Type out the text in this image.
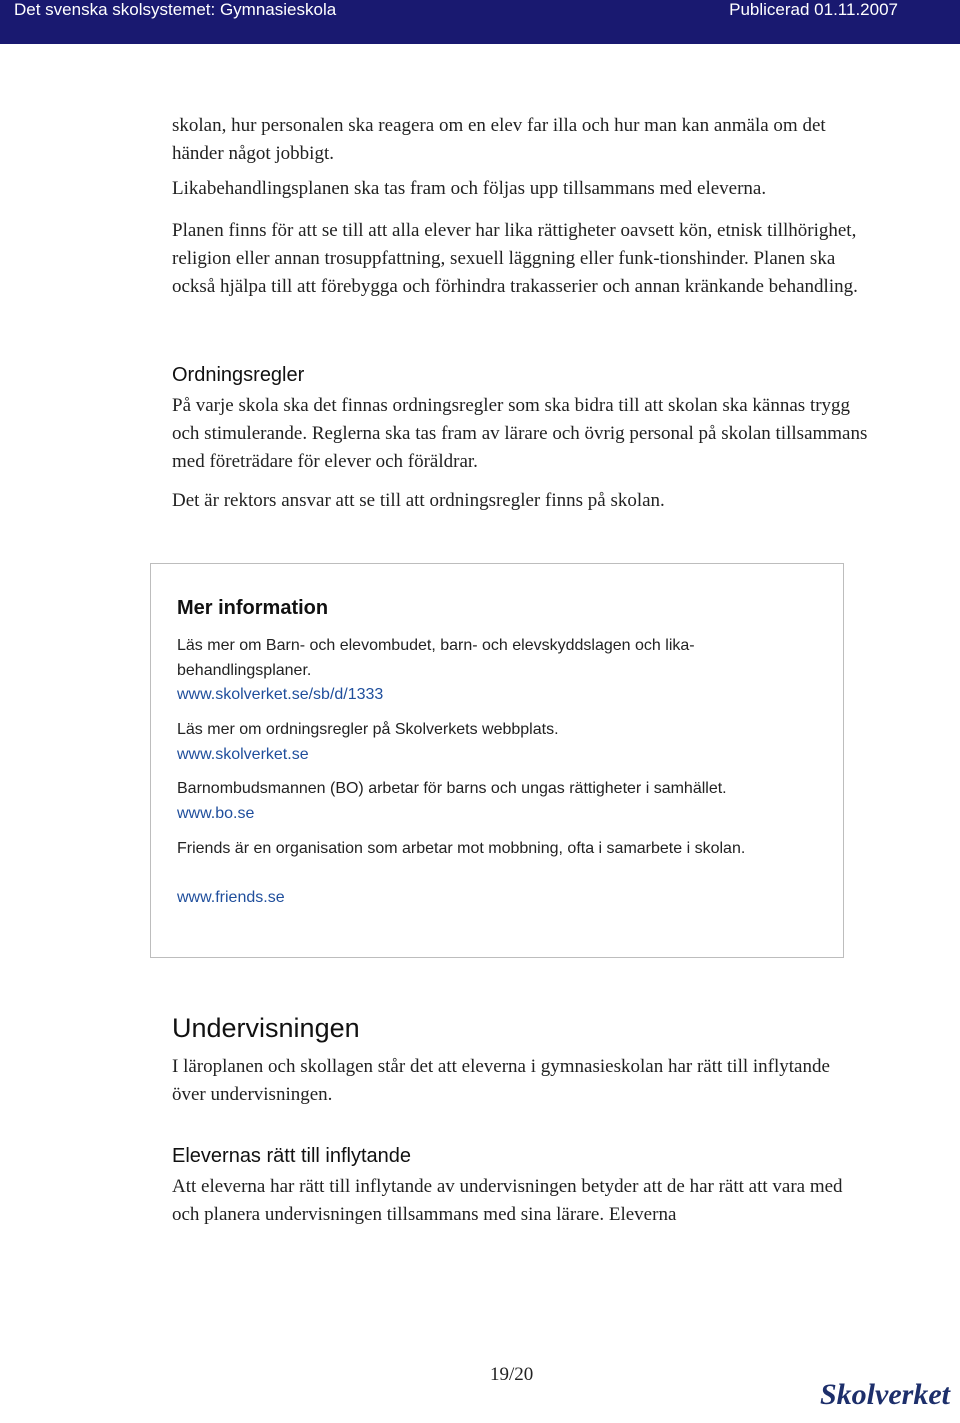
Det svenska skolsystemet: Gymnasieskola	Publicerad 01.11.2007

skolan, hur personalen ska reagera om en elev far illa och hur man kan anmäla om det händer något jobbigt.

Likabehandlingsplanen ska tas fram och följas upp tillsammans med eleverna.

Planen finns för att se till att alla elever har lika rättigheter oavsett kön, etnisk tillhörighet, religion eller annan trosuppfattning, sexuell läggning eller funk-tionshinder. Planen ska också hjälpa till att förebygga och förhindra trakasserier och annan kränkande behandling.

Ordningsregler

På varje skola ska det finnas ordningsregler som ska bidra till att skolan ska kännas trygg och stimulerande. Reglerna ska tas fram av lärare och övrig personal på skolan tillsammans med företrädare för elever och föräldrar.

Det är rektors ansvar att se till att ordningsregler finns på skolan.

Mer information

Läs mer om Barn- och elevombudet, barn- och elevskyddslagen och lika-behandlingsplaner.

www.skolverket.se/sb/d/1333

Läs mer om ordningsregler på Skolverkets webbplats.

www.skolverket.se

Barnombudsmannen (BO) arbetar för barns och ungas rättigheter i samhället.

www.bo.se

Friends är en organisation som arbetar mot mobbning, ofta i samarbete i skolan.

www.friends.se
Undervisningen

I läroplanen och skollagen står det att eleverna i gymnasieskolan har rätt till inflytande över undervisningen.

Elevernas rätt till inflytande

Att eleverna har rätt till inflytande av undervisningen betyder att de har rätt att vara med och planera undervisningen tillsammans med sina lärare. Eleverna

19/20
Skolverket
